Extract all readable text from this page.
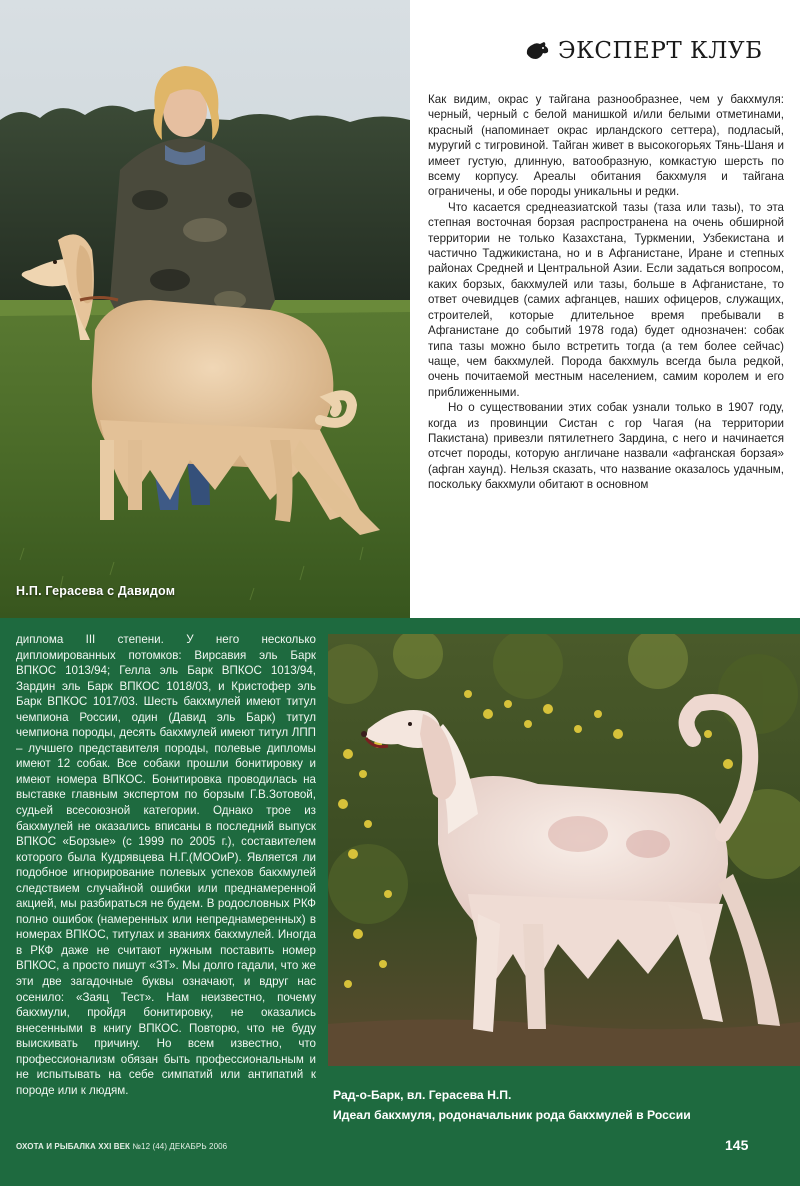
Н.П. Герасева с Давидом
ЭКСПЕРТ КЛУБ

Как видим, окрас у тайгана разнообразнее, чем у бакхмуля: черный, черный с белой манишкой и/или белыми отметинами, красный (напоминает окрас ирландского сеттера), подласый, муругий с тигровиной. Тайган живет в высокогорьях Тянь-Шаня и имеет густую, длинную, ватообразную, комкастую шерсть по всему корпусу. Ареалы обитания бакхмуля и тайгана ограничены, и обе породы уникальны и редки.

Что касается среднеазиатской тазы (таза или тазы), то эта степная восточная борзая распространена на очень обширной территории не только Казахстана, Туркмении, Узбекистана и частично Таджикистана, но и в Афганистане, Иране и степных районах Средней и Центральной Азии. Если задаться вопросом, каких борзых, бакхмулей или тазы, больше в Афганистане, то ответ очевидцев (самих афганцев, наших офицеров, служащих, строителей, которые длительное время пребывали в Афганистане до событий 1978 года) будет однозначен: собак типа тазы можно было встретить тогда (а тем более сейчас) чаще, чем бакхмулей. Порода бакхмуль всегда была редкой, очень почитаемой местным населением, самим королем и его приближенными.

Но о существовании этих собак узнали только в 1907 году, когда из провинции Систан с гор Чагая (на территории Пакистана) привезли пятилетнего Зардина, с него и начинается отсчет породы, которую англичане назвали «афганская борзая» (афган хаунд). Нельзя сказать, что название оказалось удачным, поскольку бакхмули обитают в основном

диплома III степени. У него несколько дипломированных потомков: Вирсавия эль Барк ВПКОС 1013/94; Гелла эль Барк ВПКОС 1013/94, Зардин эль Барк ВПКОС 1018/03, и Кристофер эль Барк ВПКОС 1017/03. Шесть бакхмулей имеют титул чемпиона России, один (Давид эль Барк) титул чемпиона породы, десять бакхмулей имеют титул ЛПП – лучшего представителя породы, полевые дипломы имеют 12 собак. Все собаки прошли бонитировку и имеют номера ВПКОС. Бонитировка проводилась на выставке главным экспертом по борзым Г.В.Зотовой, судьей всесоюзной категории. Однако трое из бакхмулей не оказались вписаны в последний выпуск ВПКОС «Борзые» (с 1999 по 2005 г.), составителем которого была Кудрявцева Н.Г.(МООиР). Является ли подобное игнорирование полевых успехов бакхмулей следствием случайной ошибки или преднамеренной акцией, мы разбираться не будем. В родословных РКФ полно ошибок (намеренных или непреднамеренных) в номерах ВПКОС, титулах и званиях бакхмулей. Иногда в РКФ даже не считают нужным поставить номер ВПКОС, а просто пишут «ЗТ». Мы долго гадали, что же эти две загадочные буквы означают, и вдруг нас осенило: «Заяц Тест». Нам неизвестно, почему бакхмули, пройдя бонитировку, не оказались внесенными в книгу ВПКОС. Повторю, что не буду выискивать причину. Но всем известно, что профессионализм обязан быть профессиональным и не испытывать на себе симпатий или антипатий к породе или к людям.	Рад-о-Барк, вл. Герасева Н.П.
Идеал бакхмуля, родоначальник рода бакхмулей в России
ОХОТА И РЫБАЛКА XXI ВЕК №12 (44) ДЕКАБРЬ 2006	145
